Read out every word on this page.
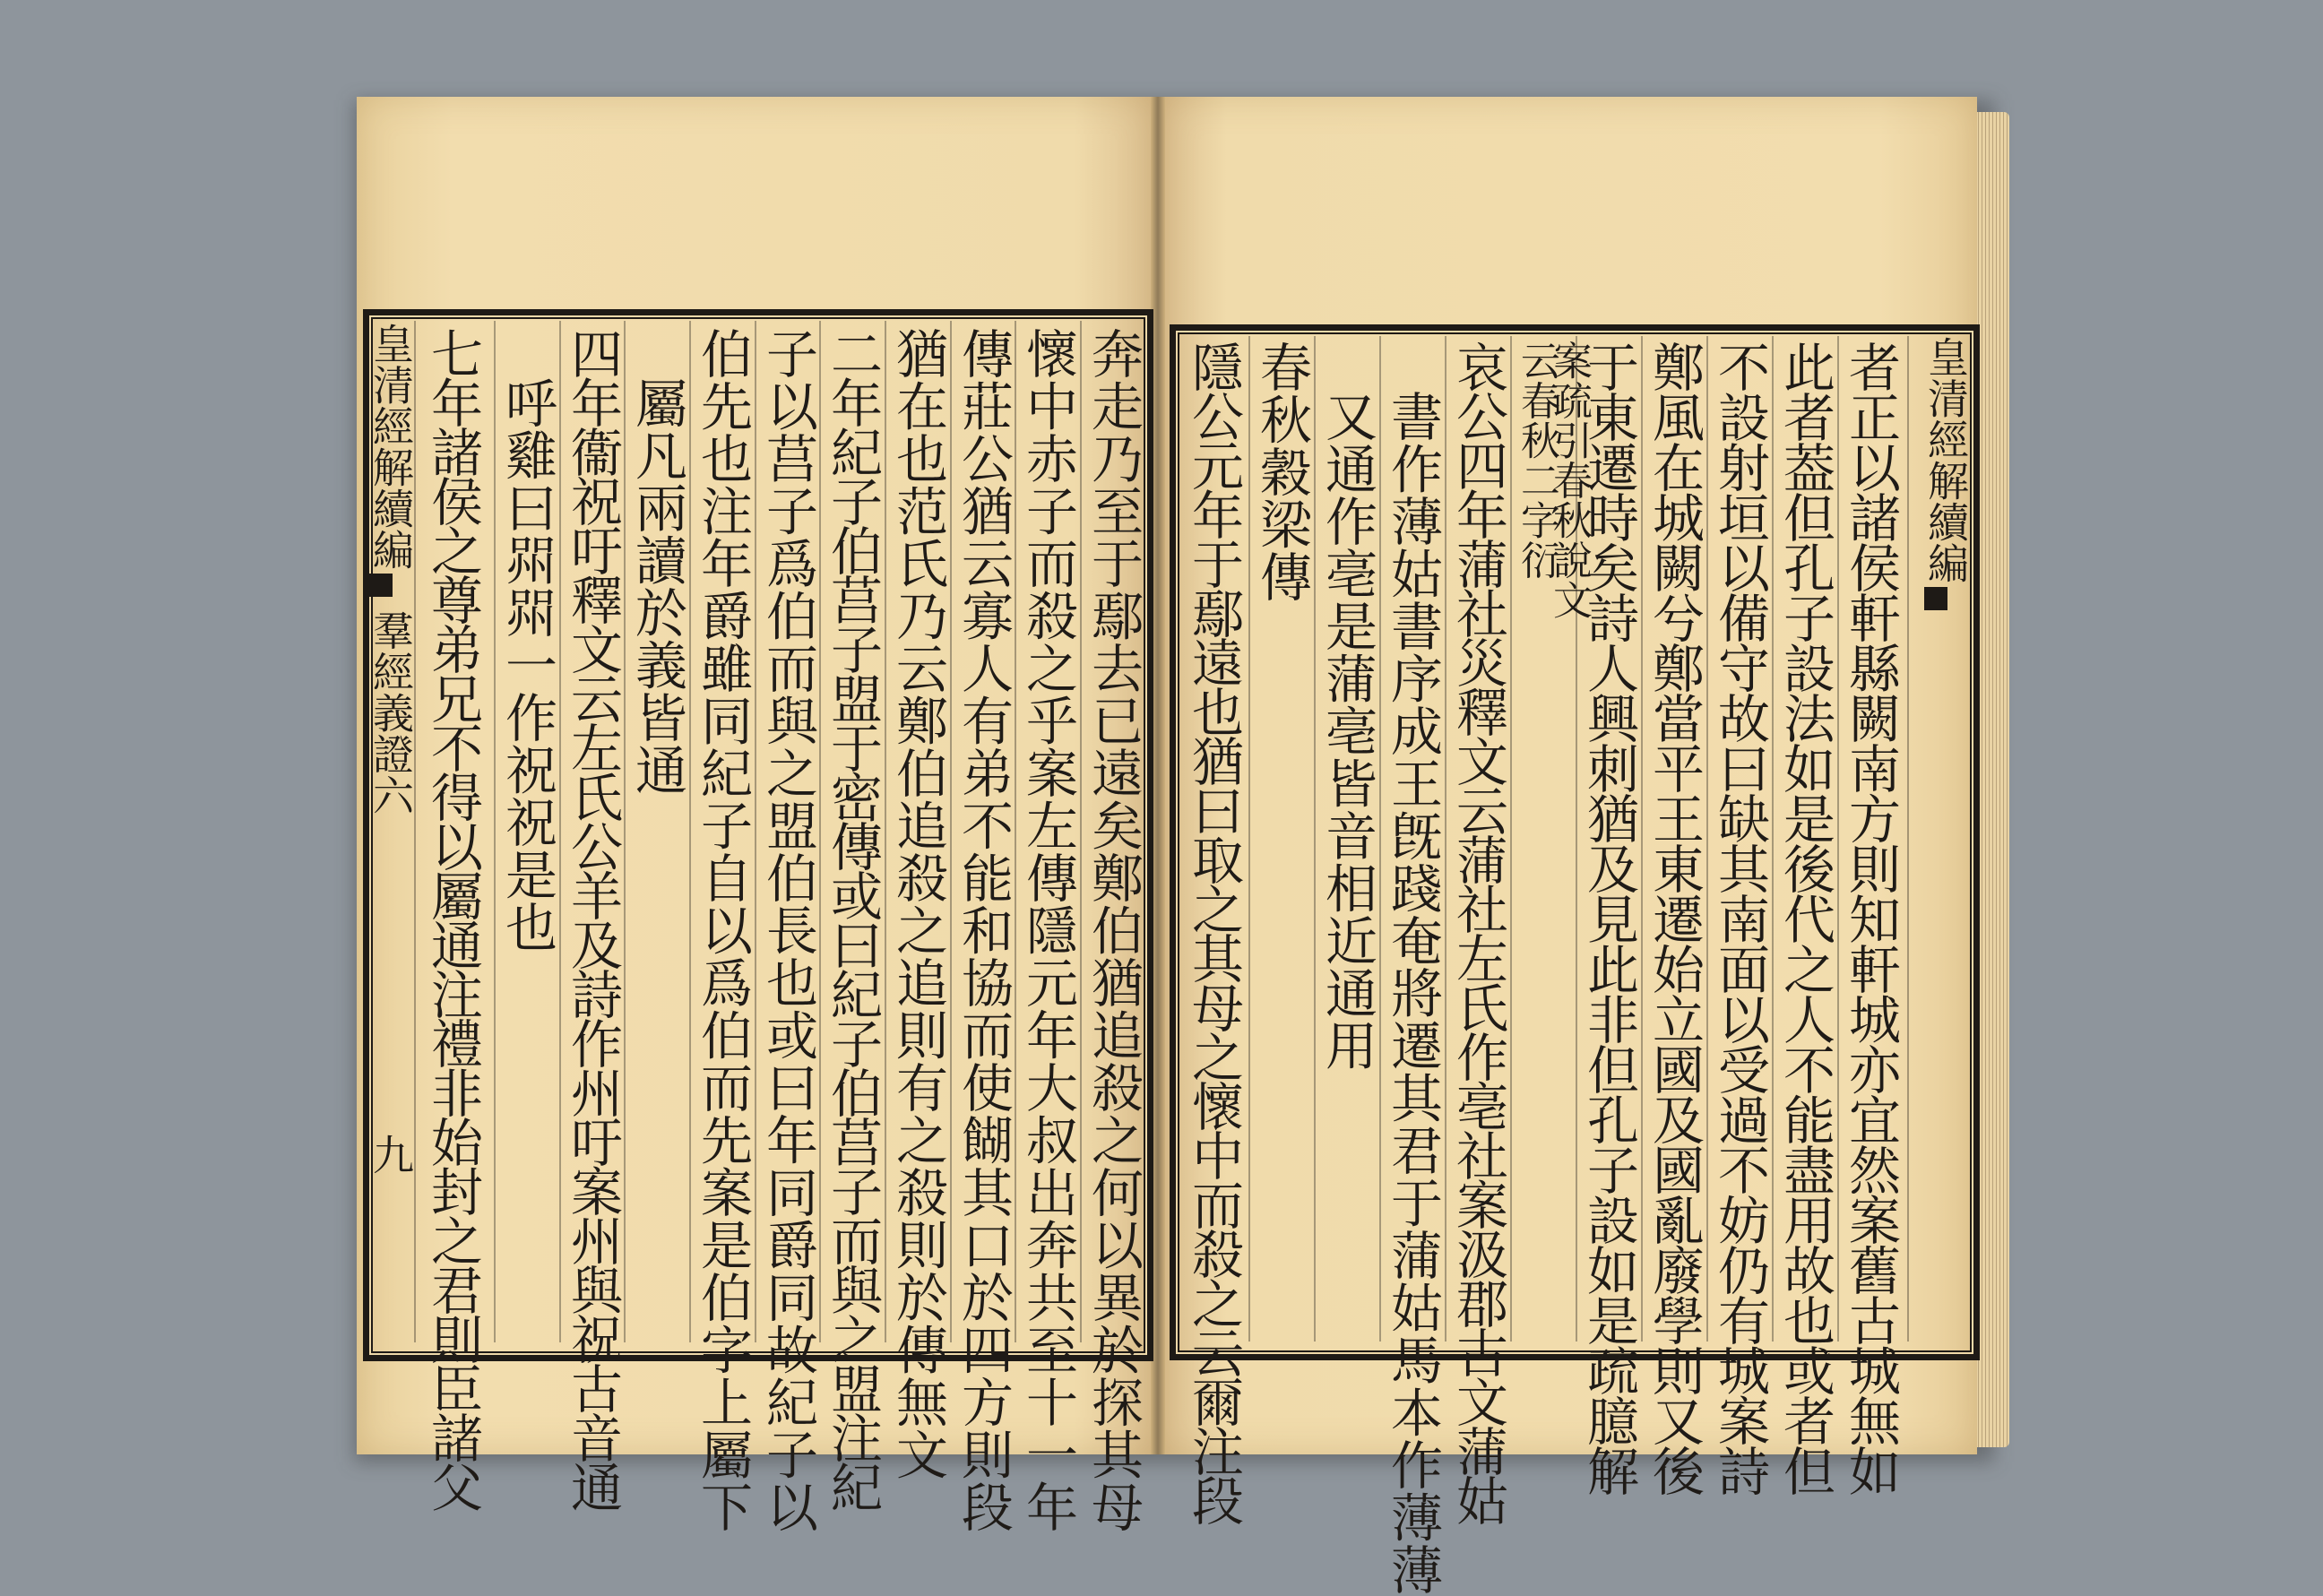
皇清經解續編
羣經義證六
九	奔走乃至于鄢去已遠矣鄭伯猶追殺之何以異於探其母
懷中赤子而殺之乎案左傳隱元年大叔出奔共至十一年
傳莊公猶云寡人有弟不能和協而使餬其口於四方則段
猶在也范氏乃云鄭伯追殺之追則有之殺則於傳無文
二年紀子伯莒子盟于密傳或曰紀子伯莒子而與之盟注紀
子以莒子爲伯而與之盟伯長也或曰年同爵同故紀子以
伯先也注年爵雖同紀子自以爲伯而先案是伯字上屬下
屬凡兩讀於義皆通
四年衞祝吁釋文云左氏公羊及詩作州吁案州與祝古音通
呼雞曰喌喌一作祝祝是也
七年諸侯之尊弟兄不得以屬通注禮非始封之君則臣諸父	皇清經解續編
者正以諸侯軒縣闕南方則知軒城亦宜然案舊古城無如
此者葢但孔子設法如是後代之人不能盡用故也或者但
不設射垣以備守故曰缺其南面以受過不妨仍有城案詩
鄭風在城闕兮鄭當平王東遷始立國及國亂廢學則又後
于東遷時矣詩人興刺猶及見此非但孔子設如是疏臆解
案疏引春秋說文
云春秋二字衍
哀公四年蒲社災釋文云蒲社左氏作亳社案汲郡古文蒲姑
書作薄姑書序成王旣踐奄將遷其君于蒲姑馬本作薄薄
又通作亳是蒲亳皆音相近通用
春秋穀梁傳
隱公元年于鄢遠也猶曰取之其母之懷中而殺之云爾注段
